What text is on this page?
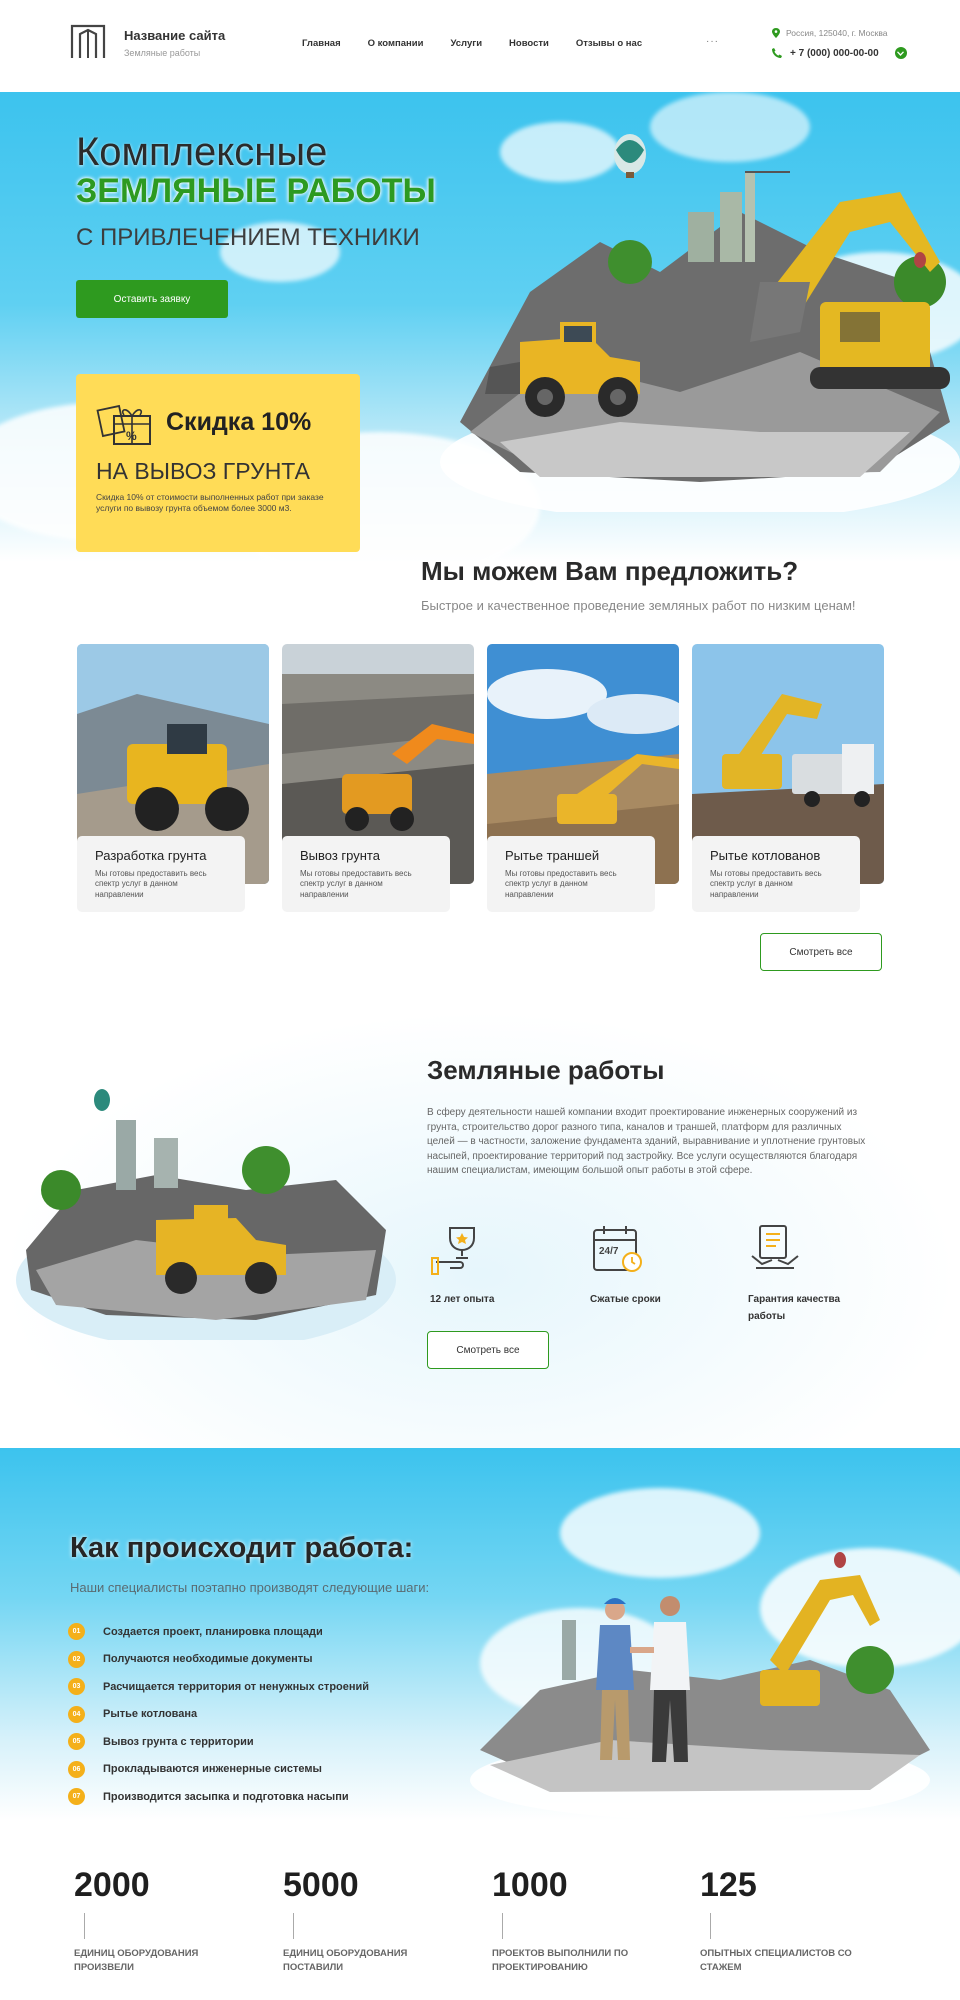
Название сайта
Земляные работы
Главная	О компании	Услуги	Новости	Отзывы о нас	···
Россия, 125040, г. Москва
+ 7 (000) 000-00-00
Комплексные
ЗЕМЛЯНЫЕ РАБОТЫ
С ПРИВЛЕЧЕНИЕМ ТЕХНИКИ
Оставить заявку
% Скидка 10%
НА ВЫВОЗ ГРУНТА
Скидка 10% от стоимости выполненных работ при заказе услуги по вывозу грунта объемом более 3000 м3.
Мы можем Вам предложить?
Быстрое и качественное проведение земляных работ по низким ценам!
Разработка грунта
Мы готовы предоставить весь спектр услуг в данном направлении
Вывоз грунта
Мы готовы предоставить весь спектр услуг в данном направлении
Рытье траншей
Мы готовы предоставить весь спектр услуг в данном направлении
Рытье котлованов
Мы готовы предоставить весь спектр услуг в данном направлении
Смотреть все
Земляные работы
В сферу деятельности нашей компании входит проектирование инженерных сооружений из грунта, строительство дорог разного типа, каналов и траншей, платформ для различных целей — в частности, заложение фундамента зданий, выравнивание и уплотнение грунтовых насыпей, проектирование территорий под застройку. Все услуги осуществляются благодаря нашим специалистам, имеющим большой опыт работы в этой сфере.
12 лет опыта
24/7
Сжатые сроки	Гарантия качества работы
Смотреть все
Как происходит работа:
Наши специалисты поэтапно производят следующие шаги:
01	Создается проект, планировка площади
02	Получаются необходимые документы
03	Расчищается территория от ненужных строений
04	Рытье котлована
05	Вывоз грунта с территории
06	Прокладываются инженерные системы
07	Производится засыпка и подготовка насыпи
2000
ЕДИНИЦ ОБОРУДОВАНИЯ ПРОИЗВЕЛИ
5000
ЕДИНИЦ ОБОРУДОВАНИЯ ПОСТАВИЛИ
1000
ПРОЕКТОВ ВЫПОЛНИЛИ ПО ПРОЕКТИРОВАНИЮ
125
ОПЫТНЫХ СПЕЦИАЛИСТОВ СО СТАЖЕМ
